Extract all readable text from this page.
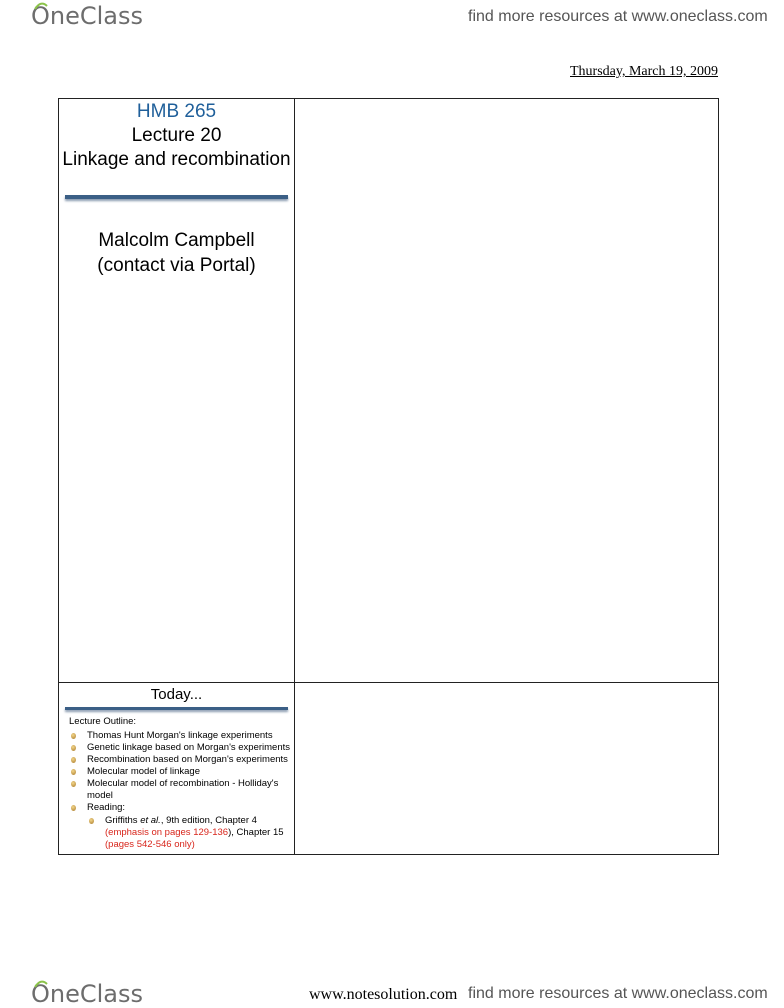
OneClass	find more resources at www.oneclass.com
Thursday, March 19, 2009
HMB 265
Lecture 20
Linkage and recombination
Malcolm Campbell
(contact via Portal)
Today...
Lecture Outline:
Thomas Hunt Morgan's linkage experiments
Genetic linkage based on Morgan's experiments
Recombination based on Morgan's experiments
Molecular model of linkage
Molecular model of recombination - Holliday's model
Reading:
Griffiths et al., 9th edition, Chapter 4
(emphasis on pages 129-136), Chapter 15
(pages 542-546 only)
OneClass	www.notesolution.com find more resources at www.oneclass.com
